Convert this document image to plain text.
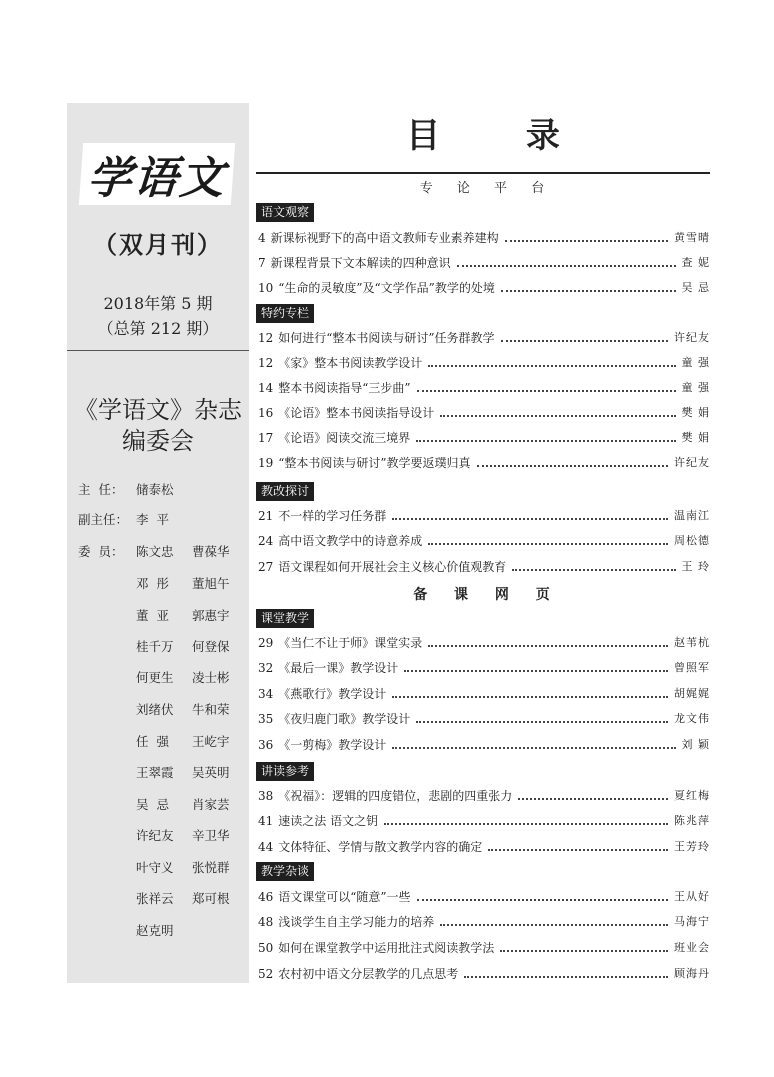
学语文
（双月刊）
2018年第 5 期
（总第 212 期）
《学语文》杂志
编委会
主  任：	储泰松
副主任： 李  平
委  员：	陈文忠 曹葆华
邓  彤 董旭午
董  亚 郭惠宇
桂千万 何登保
何更生 凌士彬
刘绪伏 牛和荣
任  强 王屹宇
王翠霞 吴英明
吴  忌 肖家芸
许纪友 辛卫华
叶守义 张悦群
张祥云 郑可根
赵克明
目 录
专 论 平 台
备 课 网 页
语文观察
特约专栏
教改探讨
课堂教学
讲读参考
教学杂谈
4 新课标视野下的高中语文教师专业素养建构	黄雪晴
7 新课程背景下文本解读的四种意识	查 妮
10 “生命的灵敏度”及“文学作品”教学的处境	吴 忌
12 如何进行“整本书阅读与研讨”任务群教学	许纪友
12 《家》整本书阅读教学设计	童 强
14 整本书阅读指导“三步曲”	童 强
16 《论语》整本书阅读指导设计	樊 娟
17 《论语》阅读交流三境界	樊 娟
19 “整本书阅读与研讨”教学要返璞归真	许纪友
21 不一样的学习任务群	温南江
24 高中语文教学中的诗意养成	周松德
27 语文课程如何开展社会主义核心价值观教育	王 玲
29 《当仁不让于师》课堂实录	赵苇杭
32 《最后一课》教学设计	曾照军
34 《燕歌行》教学设计	胡娓娓
35 《夜归鹿门歌》教学设计	龙文伟
36 《一剪梅》教学设计	刘 颖
38 《祝福》：逻辑的四度错位，悲剧的四重张力	夏红梅
41 速读之法 语文之钥	陈兆萍
44 文体特征、学情与散文教学内容的确定	王芳玲
46 语文课堂可以“随意”一些	王从好
48 浅谈学生自主学习能力的培养	马海宁
50 如何在课堂教学中运用批注式阅读教学法	班业会
52 农村初中语文分层教学的几点思考	顾海丹
